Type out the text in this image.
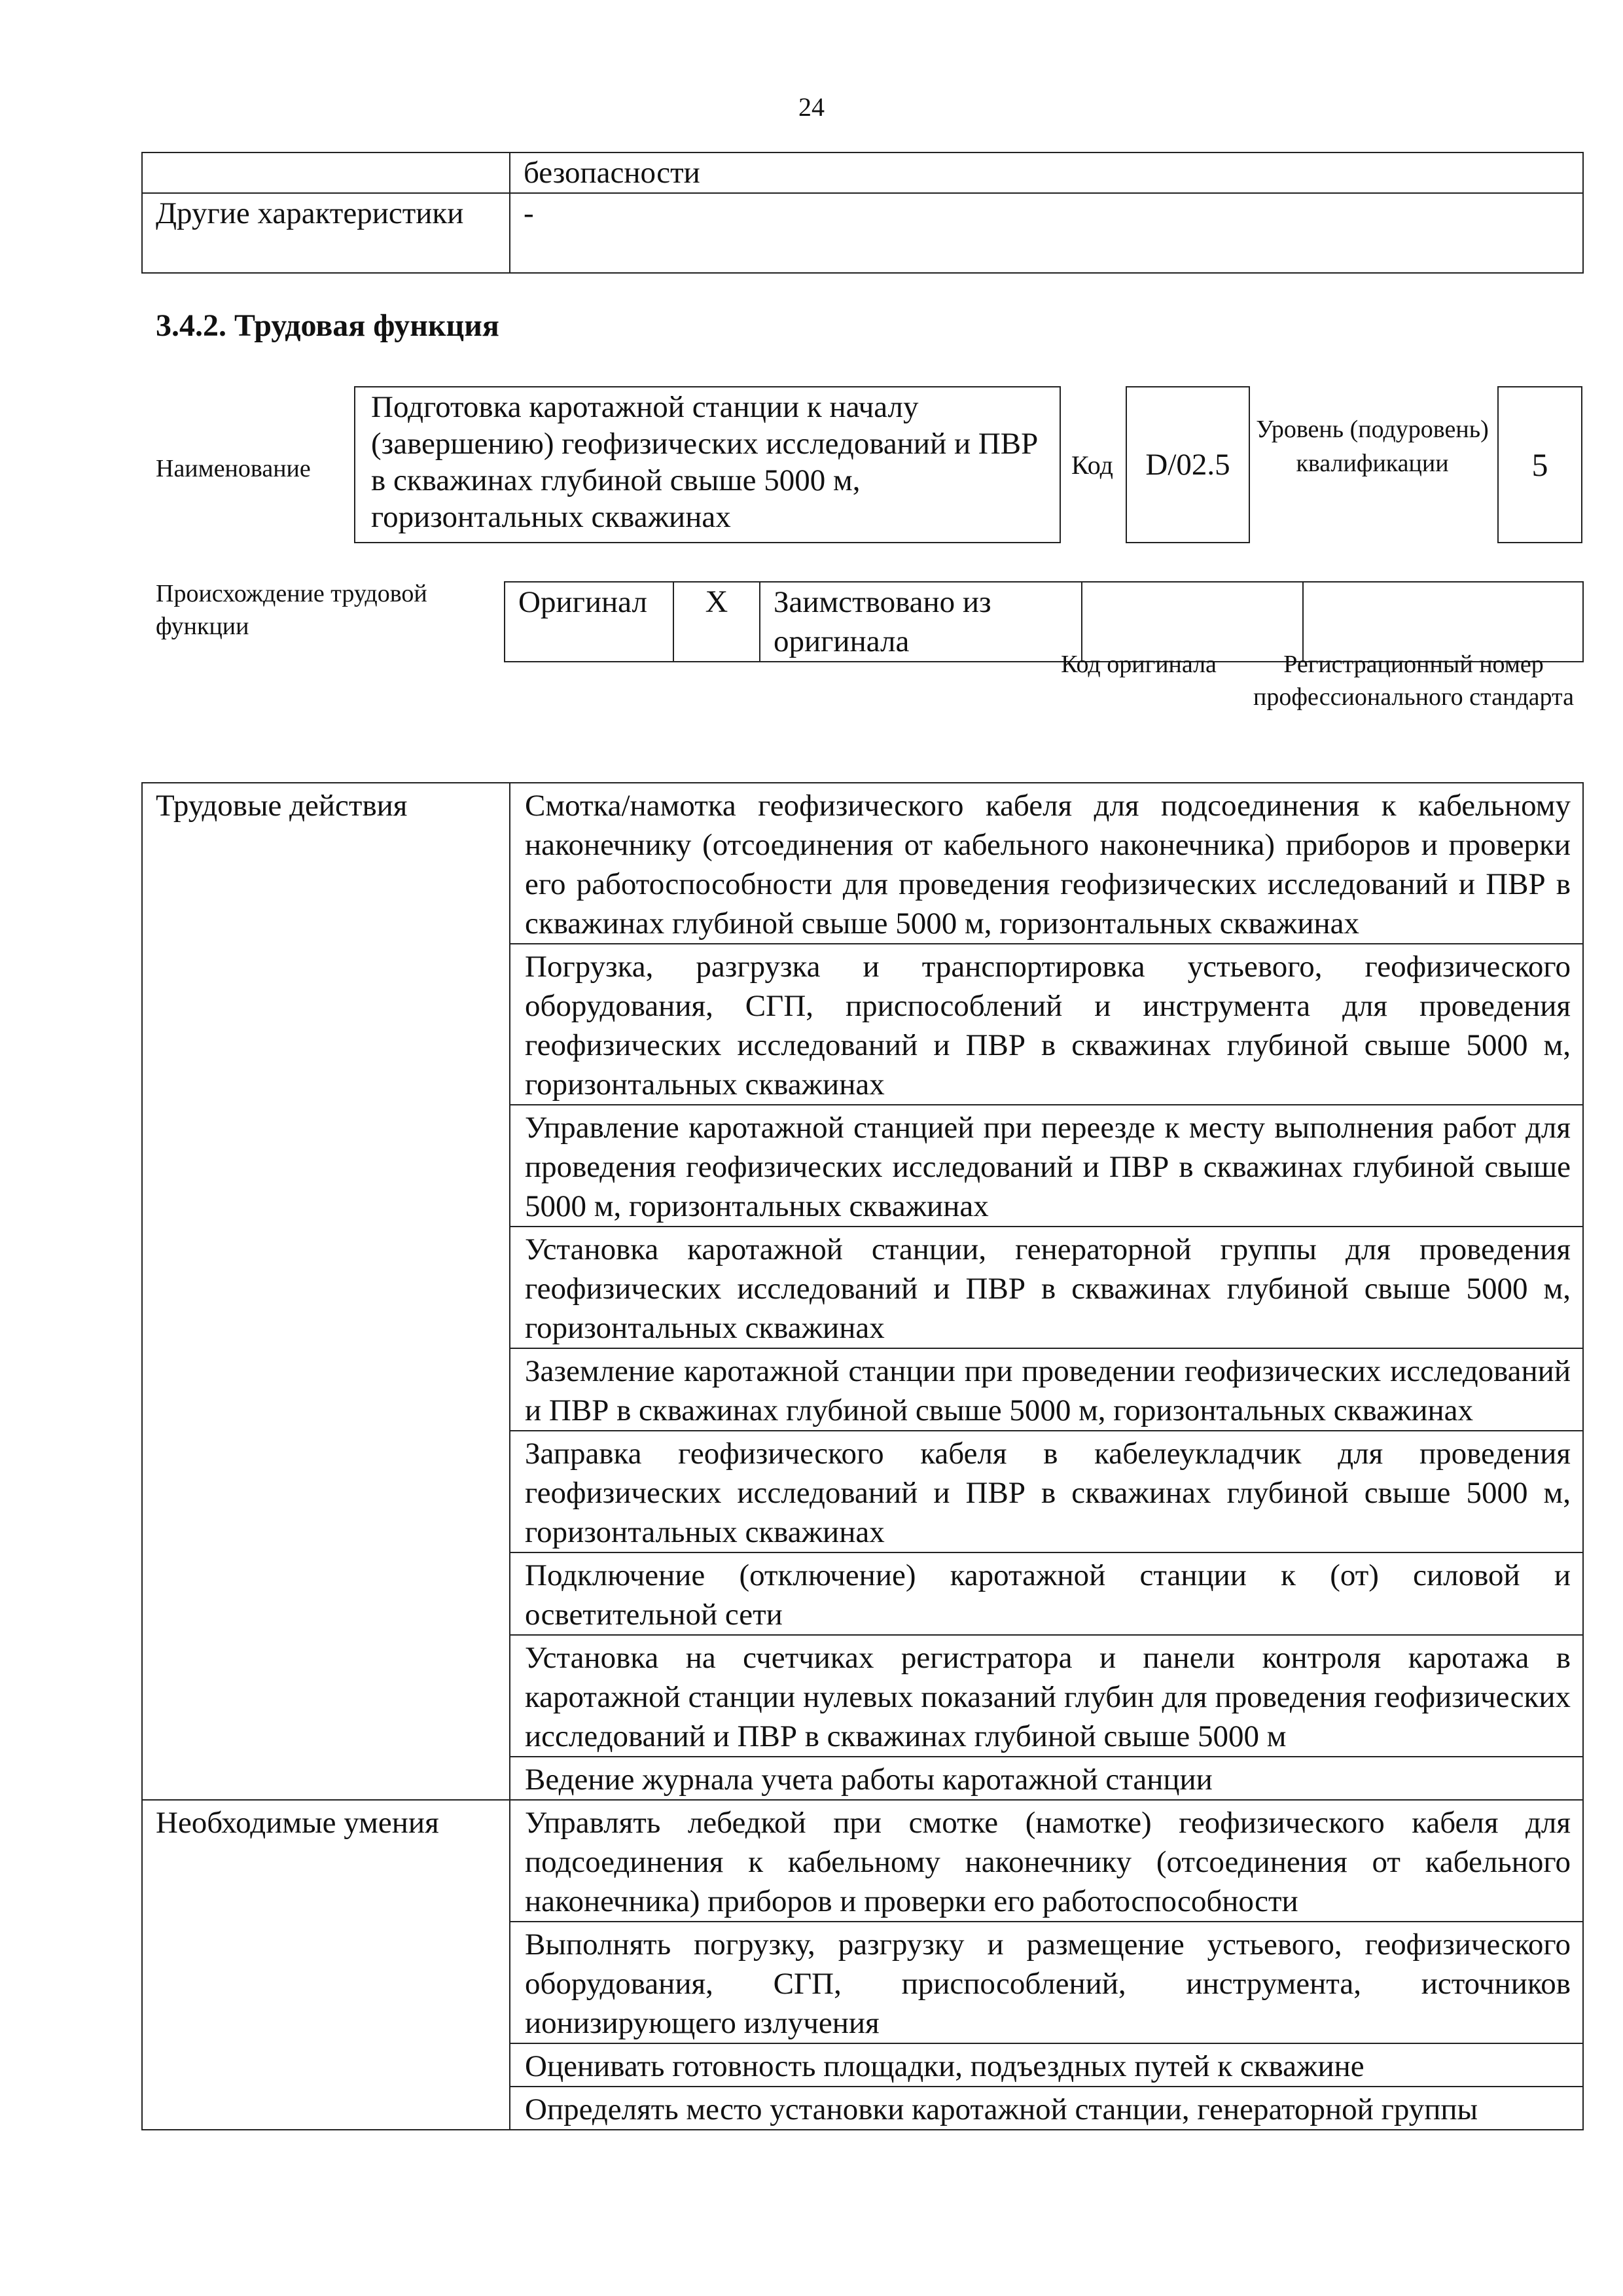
24
	безопасности
Другие характеристики	-
3.4.2. Трудовая функция
Наименование
Подготовка каротажной станции к началу (завершению) геофизических исследований и ПВР в скважинах глубиной свыше 5000 м, горизонтальных скважинах
Код	D/02.5
Уровень (подуровень) квалификации	5
Происхождение трудовой функции
Оригинал	X	Заимствовано из оригинала		
Код оригинала	Регистрационный номер профессионального стандарта
Трудовые действия	Смотка/намотка геофизического кабеля для подсоединения к кабельному наконечнику (отсоединения от кабельного наконечника) приборов и проверки его работоспособности для проведения геофизических исследований и ПВР в скважинах глубиной свыше 5000 м, горизонтальных скважинах
	Погрузка, разгрузка и транспортировка устьевого, геофизического оборудования, СГП, приспособлений и инструмента для проведения геофизических исследований и ПВР в скважинах глубиной свыше 5000 м, горизонтальных скважинах
	Управление каротажной станцией при переезде к месту выполнения работ для проведения геофизических исследований и ПВР в скважинах глубиной свыше 5000 м, горизонтальных скважинах
	Установка каротажной станции, генераторной группы для проведения геофизических исследований и ПВР в скважинах глубиной свыше 5000 м, горизонтальных скважинах
	Заземление каротажной станции при проведении геофизических исследований и ПВР в скважинах глубиной свыше 5000 м, горизонтальных скважинах
	Заправка геофизического кабеля в кабелеукладчик для проведения геофизических исследований и ПВР в скважинах глубиной свыше 5000 м, горизонтальных скважинах
	Подключение (отключение) каротажной станции к (от) силовой и осветительной сети
	Установка на счетчиках регистратора и панели контроля каротажа в каротажной станции нулевых показаний глубин для проведения геофизических исследований и ПВР в скважинах глубиной свыше 5000 м
	Ведение журнала учета работы каротажной станции
Необходимые умения	Управлять лебедкой при смотке (намотке) геофизического кабеля для подсоединения к кабельному наконечнику (отсоединения от кабельного наконечника) приборов и проверки его работоспособности
	Выполнять погрузку, разгрузку и размещение устьевого, геофизического оборудования, СГП, приспособлений, инструмента, источников ионизирующего излучения
	Оценивать готовность площадки, подъездных путей к скважине
	Определять место установки каротажной станции, генераторной группы
